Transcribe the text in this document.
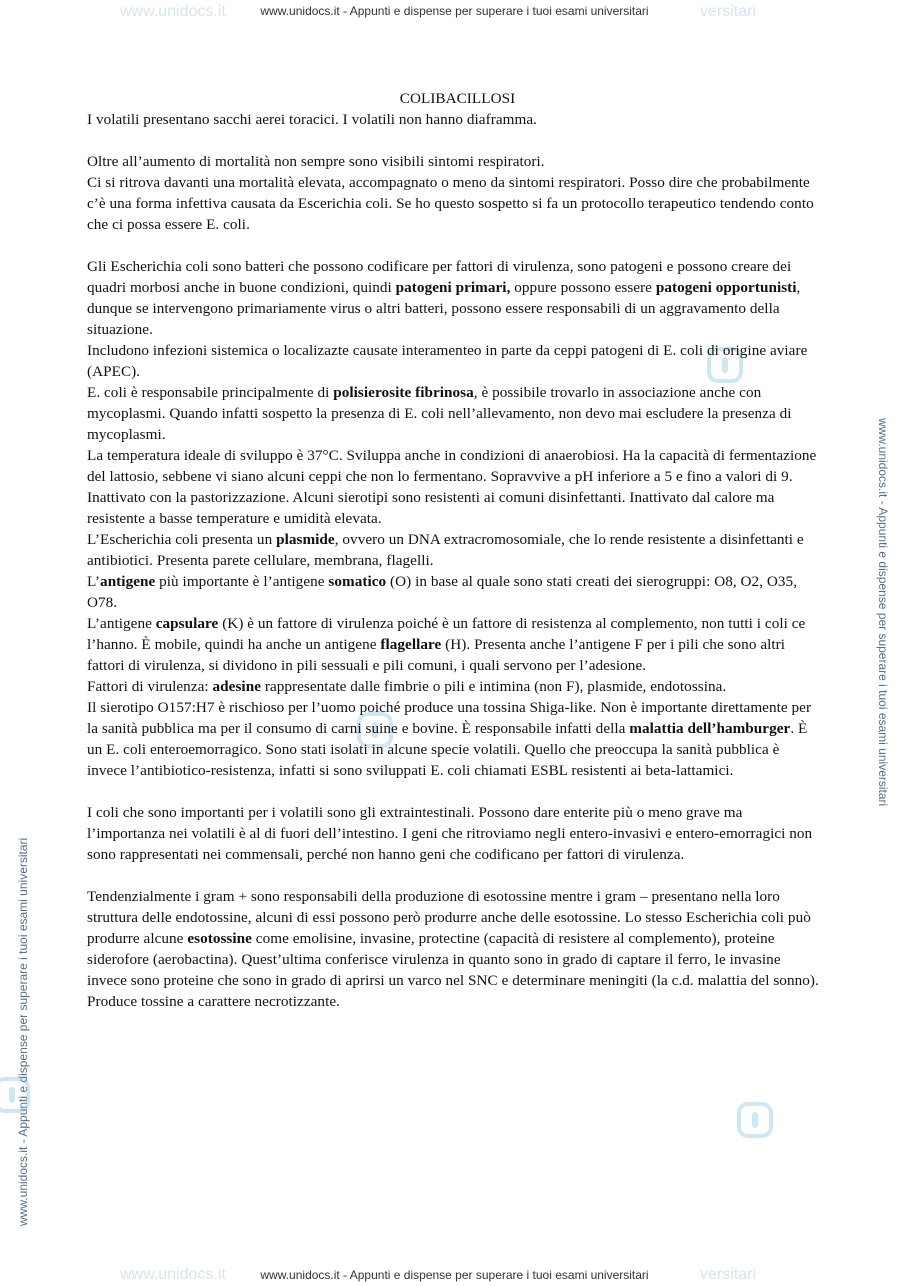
www.unidocs.it	versitari
www.unidocs.it	versitari
www.unidocs.it - Appunti e dispense per superare i tuoi esami universitari
www.unidocs.it - Appunti e dispense per superare i tuoi esami universitari
www.unidocs.it - Appunti e dispense per superare i tuoi esami universitari
www.unidocs.it - Appunti e dispense per superare i tuoi esami universitari

COLIBACILLOSI

I volatili presentano sacchi aerei toracici. I volatili non hanno diaframma.

Oltre all’aumento di mortalità non sempre sono visibili sintomi respiratori.

Ci si ritrova davanti una mortalità elevata, accompagnato o meno da sintomi respiratori. Posso dire che probabilmente c’è una forma infettiva causata da Escerichia coli. Se ho questo sospetto si fa un protocollo terapeutico tendendo conto che ci possa essere E. coli.

Gli Escherichia coli sono batteri che possono codificare per fattori di virulenza, sono patogeni e possono creare dei quadri morbosi anche in buone condizioni, quindi patogeni primari, oppure possono essere patogeni opportunisti, dunque se intervengono primariamente virus o altri batteri, possono essere responsabili di un aggravamento della situazione.

Includono infezioni sistemica o localizazte causate interamenteo in parte da ceppi patogeni di E. coli di origine aviare (APEC).

E. coli è responsabile principalmente di polisierosite fibrinosa, è possibile trovarlo in associazione anche con mycoplasmi. Quando infatti sospetto la presenza di E. coli nell’allevamento, non devo mai escludere la presenza di mycoplasmi.

La temperatura ideale di sviluppo è 37°C. Sviluppa anche in condizioni di anaerobiosi. Ha la capacità di fermentazione del lattosio, sebbene vi siano alcuni ceppi che non lo fermentano. Sopravvive a pH inferiore a 5 e fino a valori di 9. Inattivato con la pastorizzazione. Alcuni sierotipi sono resistenti ai comuni disinfettanti. Inattivato dal calore ma resistente a basse temperature e umidità elevata.

L’Escherichia coli presenta un plasmide, ovvero un DNA extracromosomiale, che lo rende resistente a disinfettanti e antibiotici. Presenta parete cellulare, membrana, flagelli.

L’antigene più importante è l’antigene somatico (O) in base al quale sono stati creati dei sierogruppi: O8, O2, O35, O78.

L’antigene capsulare (K) è un fattore di virulenza poiché è un fattore di resistenza al complemento, non tutti i coli ce l’hanno. È mobile, quindi ha anche un antigene flagellare (H). Presenta anche l’antigene F per i pili che sono altri fattori di virulenza, si dividono in pili sessuali e pili comuni, i quali servono per l’adesione.

Fattori di virulenza: adesine rappresentate dalle fimbrie o pili e intimina (non F), plasmide, endotossina.

Il sierotipo O157:H7 è rischioso per l’uomo poiché produce una tossina Shiga-like. Non è importante direttamente per la sanità pubblica ma per il consumo di carni suine e bovine. È responsabile infatti della malattia dell’hamburger. È un E. coli enteroemorragico. Sono stati isolati in alcune specie volatili. Quello che preoccupa la sanità pubblica è invece l’antibiotico-resistenza, infatti si sono sviluppati E. coli chiamati ESBL resistenti ai beta-lattamici.

I coli che sono importanti per i volatili sono gli extraintestinali. Possono dare enterite più o meno grave ma l’importanza nei volatili è al di fuori dell’intestino. I geni che ritroviamo negli entero-invasivi e entero-emorragici non sono rappresentati nei commensali, perché non hanno geni che codificano per fattori di virulenza.

Tendenzialmente i gram + sono responsabili della produzione di esotossine mentre i gram – presentano nella loro struttura delle endotossine, alcuni di essi possono però produrre anche delle esotossine. Lo stesso Escherichia coli può produrre alcune esotossine come emolisine, invasine, protectine (capacità di resistere al complemento), proteine siderofore (aerobactina). Quest’ultima conferisce virulenza in quanto sono in grado di captare il ferro, le invasine invece sono proteine che sono in grado di aprirsi un varco nel SNC e determinare meningiti (la c.d. malattia del sonno). Produce tossine a carattere necrotizzante.
